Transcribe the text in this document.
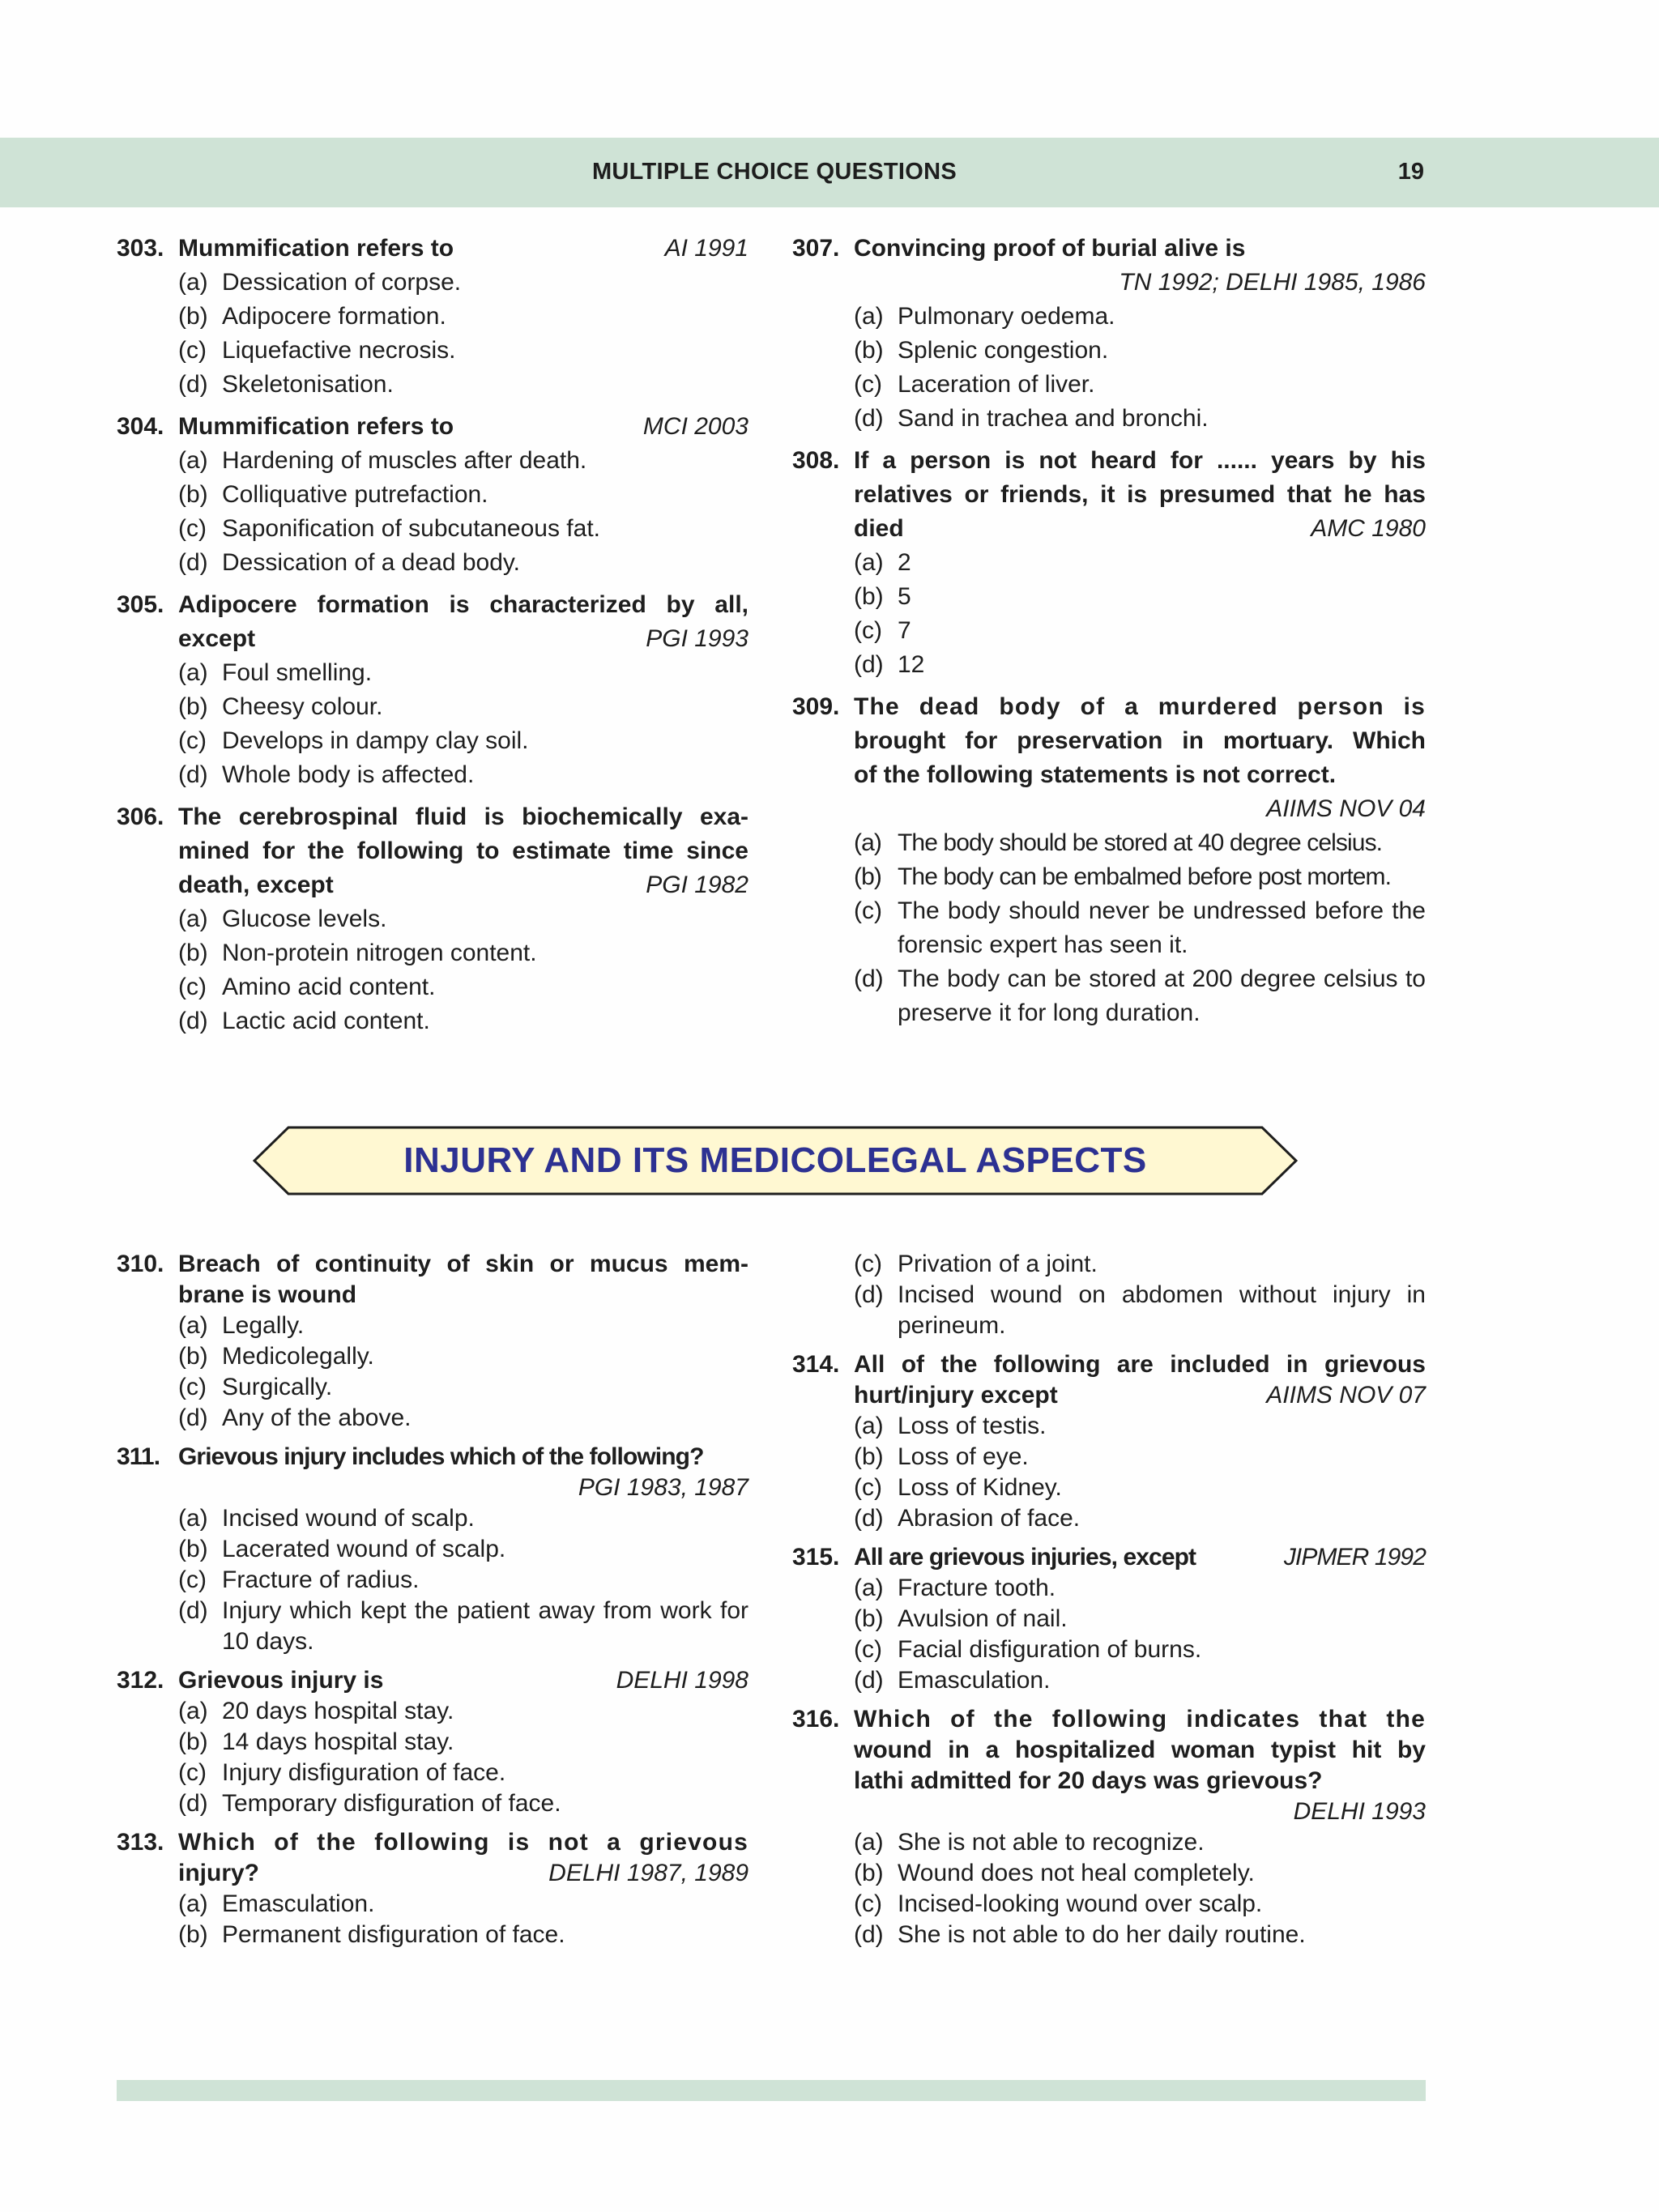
MULTIPLE CHOICE QUESTIONS	19
303. Mummification refers to	AI 1991
(a) Dessication of corpse.
(b) Adipocere formation.
(c) Liquefactive necrosis.
(d) Skeletonisation.
304. Mummification refers to	MCI 2003
(a) Hardening of muscles after death.
(b) Colliquative putrefaction.
(c) Saponification of subcutaneous fat.
(d) Dessication of a dead body.
305. Adipocere formation is characterized by all,
except	PGI 1993
(a) Foul smelling.
(b) Cheesy colour.
(c) Develops in dampy clay soil.
(d) Whole body is affected.
306. The cerebrospinal fluid is biochemically exa-
mined for the following to estimate time since
death, except	PGI 1982
(a) Glucose levels.
(b) Non-protein nitrogen content.
(c) Amino acid content.
(d) Lactic acid content.
307. Convincing proof of burial alive is
TN 1992; DELHI 1985, 1986
(a) Pulmonary oedema.
(b) Splenic congestion.
(c) Laceration of liver.
(d) Sand in trachea and bronchi.
308. If a person is not heard for ...... years by his
relatives or friends, it is presumed that he has
died	AMC 1980
(a) 2
(b) 5
(c) 7
(d) 12
309. The dead body of a murdered person is
brought for preservation in mortuary. Which
of the following statements is not correct.
AIIMS NOV 04
(a) The body should be stored at 40 degree celsius.
(b) The body can be embalmed before post mortem.
(c) The body should never be undressed before the forensic expert has seen it.
(d) The body can be stored at 200 degree celsius to preserve it for long duration.
INJURY AND ITS MEDICOLEGAL ASPECTS
310. Breach of continuity of skin or mucus mem- brane is wound
(a) Legally.
(b) Medicolegally.
(c) Surgically.
(d) Any of the above.
311. Grievous injury includes which of the following?
PGI 1983, 1987
(a) Incised wound of scalp.
(b) Lacerated wound of scalp.
(c) Fracture of radius.
(d) Injury which kept the patient away from work for 10 days.
312. Grievous injury is	DELHI 1998
(a) 20 days hospital stay.
(b) 14 days hospital stay.
(c) Injury disfiguration of face.
(d) Temporary disfiguration of face.
313. Which of the following is not a grievous
injury?	DELHI 1987, 1989
(a) Emasculation.
(b) Permanent disfiguration of face.
(c) Privation of a joint.
(d) Incised wound on abdomen without injury in perineum.
314. All of the following are included in grievous
hurt/injury except	AIIMS NOV 07
(a) Loss of testis.
(b) Loss of eye.
(c) Loss of Kidney.
(d) Abrasion of face.
315. All are grievous injuries, except	JIPMER 1992
(a) Fracture tooth.
(b) Avulsion of nail.
(c) Facial disfiguration of burns.
(d) Emasculation.
316. Which of the following indicates that the
wound in a hospitalized woman typist hit by
lathi admitted for 20 days was grievous?
DELHI 1993
(a) She is not able to recognize.
(b) Wound does not heal completely.
(c) Incised-looking wound over scalp.
(d) She is not able to do her daily routine.
